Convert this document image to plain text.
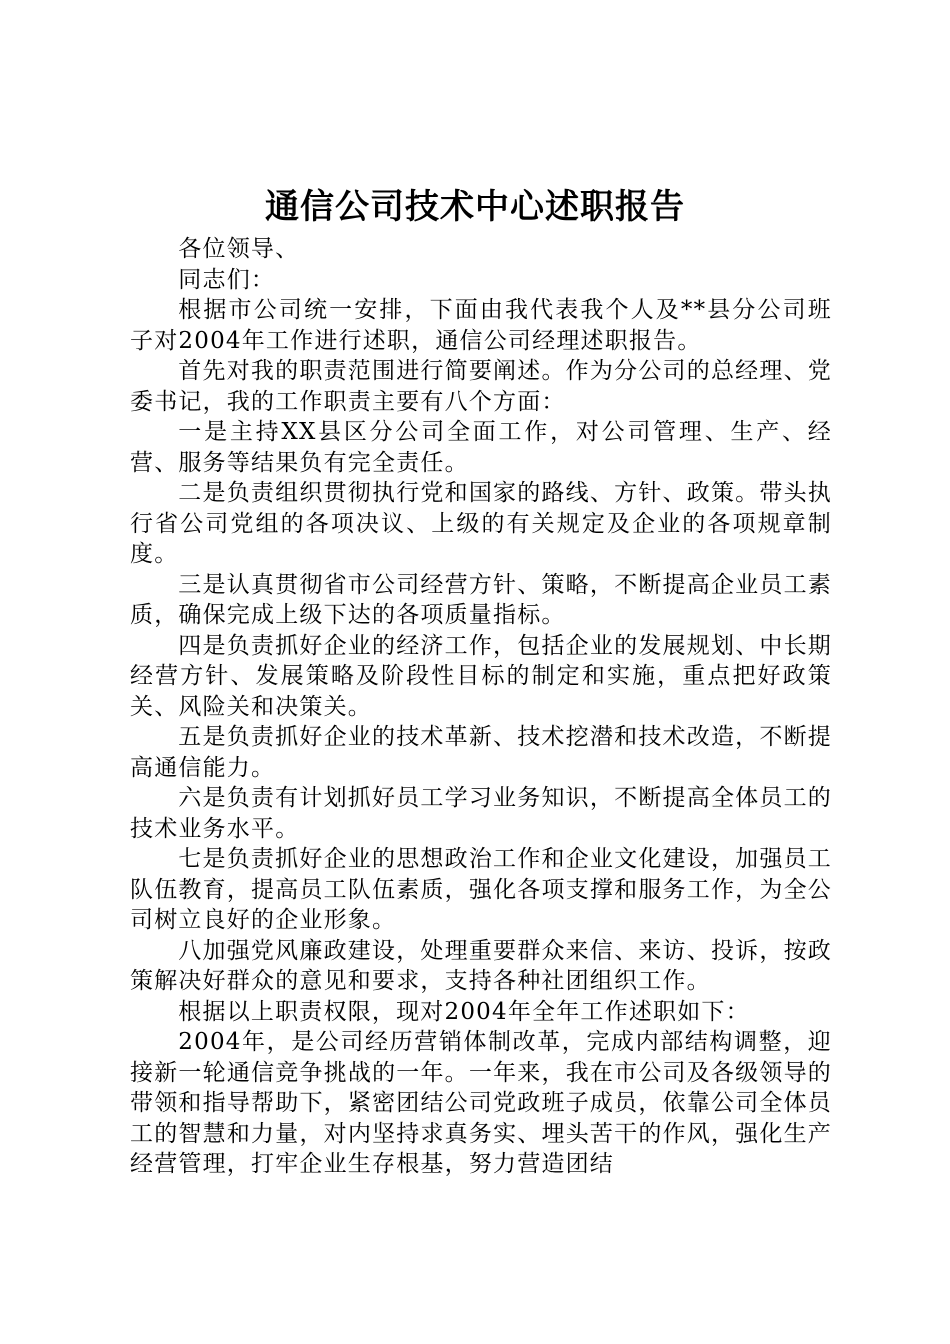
通信公司技术中心述职报告

各位领导、

同志们：

根据市公司统一安排，下面由我代表我个人及**县分公司班子对2004年工作进行述职，通信公司经理述职报告。

首先对我的职责范围进行简要阐述。作为分公司的总经理、党委书记，我的工作职责主要有八个方面：

一是主持XX县区分公司全面工作，对公司管理、生产、经营、服务等结果负有完全责任。

二是负责组织贯彻执行党和国家的路线、方针、政策。带头执行省公司党组的各项决议、上级的有关规定及企业的各项规章制度。

三是认真贯彻省市公司经营方针、策略，不断提高企业员工素质，确保完成上级下达的各项质量指标。

四是负责抓好企业的经济工作，包括企业的发展规划、中长期经营方针、发展策略及阶段性目标的制定和实施，重点把好政策关、风险关和决策关。

五是负责抓好企业的技术革新、技术挖潜和技术改造，不断提高通信能力。

六是负责有计划抓好员工学习业务知识，不断提高全体员工的技术业务水平。

七是负责抓好企业的思想政治工作和企业文化建设，加强员工队伍教育，提高员工队伍素质，强化各项支撑和服务工作，为全公司树立良好的企业形象。

八加强党风廉政建设，处理重要群众来信、来访、投诉，按政策解决好群众的意见和要求，支持各种社团组织工作。

根据以上职责权限，现对2004年全年工作述职如下：

2004年，是公司经历营销体制改革，完成内部结构调整，迎接新一轮通信竞争挑战的一年。一年来，我在市公司及各级领导的带领和指导帮助下，紧密团结公司党政班子成员，依靠公司全体员工的智慧和力量，对内坚持求真务实、埋头苦干的作风，强化生产经营管理，打牢企业生存根基，努力营造团结
